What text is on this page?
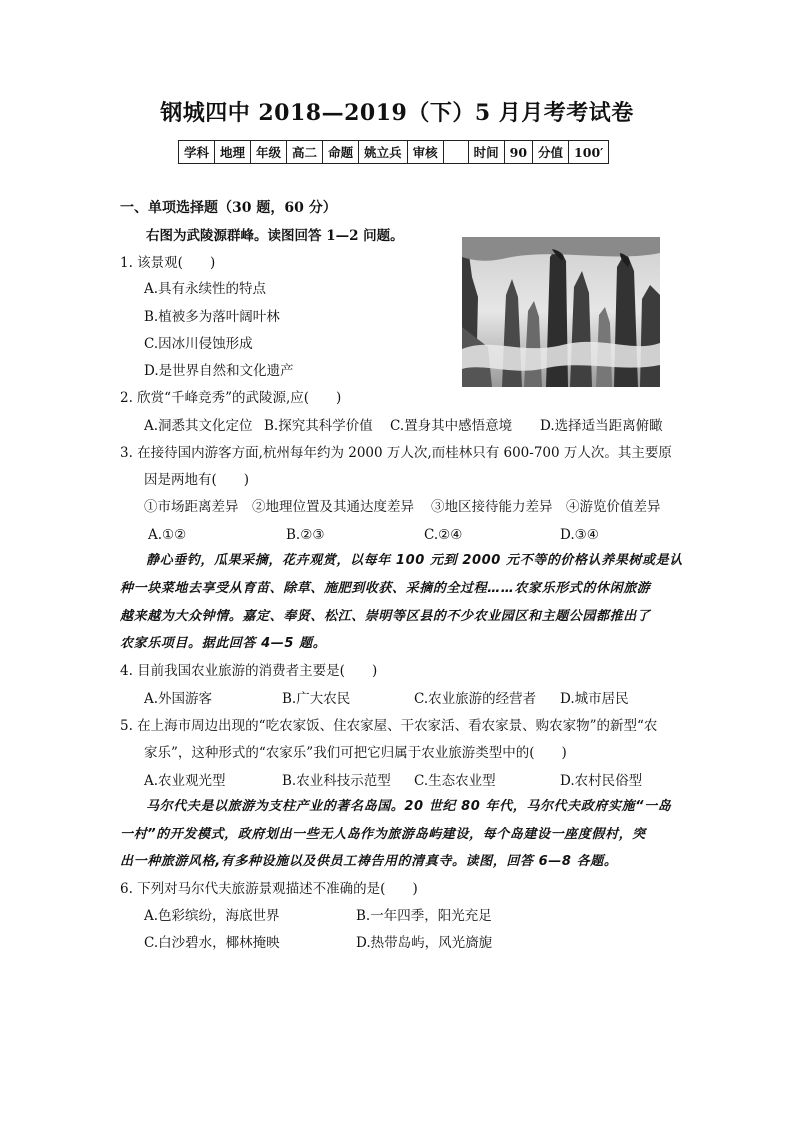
钢城四中 2018—2019（下）5 月月考考试卷
学科	地理	年级	高二	命题	姚立兵	审核		时间	90	分值	100′
一、单项选择题（30 题，60 分）
右图为武陵源群峰。读图回答 1—2 问题。
1. 该景观(　　)
A.具有永续性的特点
B.植被多为落叶阔叶林
C.因冰川侵蚀形成
D.是世界自然和文化遗产
2. 欣赏“千峰竞秀”的武陵源,应(　　)
A.洞悉其文化定位 B.探究其科学价值 C.置身其中感悟意境 D.选择适当距离俯瞰
3. 在接待国内游客方面,杭州每年约为 2000 万人次,而桂林只有 600-700 万人次。其主要原
因是两地有(　　)
①市场距离差异 ②地理位置及其通达度差异 ③地区接待能力差异 ④游览价值差异
A.①②	B.②③	C.②④	D.③④
静心垂钓，瓜果采摘，花卉观赏，以每年 100 元到 2000 元不等的价格认养果树或是认
种一块菜地去享受从育苗、除草、施肥到收获、采摘的全过程……农家乐形式的休闲旅游
越来越为大众钟情。嘉定、奉贤、松江、崇明等区县的不少农业园区和主题公园都推出了
农家乐项目。据此回答 4—5 题。
4. 目前我国农业旅游的消费者主要是(　　)
A.外国游客	B.广大农民	C.农业旅游的经营者 D.城市居民
5. 在上海市周边出现的“吃农家饭、住农家屋、干农家活、看农家景、购农家物”的新型“农
家乐”，这种形式的“农家乐”我们可把它归属于农业旅游类型中的(　　)
A.农业观光型	B.农业科技示范型 C.生态农业型	D.农村民俗型
马尔代夫是以旅游为支柱产业的著名岛国。20 世纪 80 年代，马尔代夫政府实施“一岛
一村”的开发模式，政府划出一些无人岛作为旅游岛屿建设，每个岛建设一座度假村，突
出一种旅游风格,有多种设施以及供员工祷告用的清真寺。读图，回答 6—8 各题。
6. 下列对马尔代夫旅游景观描述不准确的是(　　)
A.色彩缤纷，海底世界	B.一年四季，阳光充足
C.白沙碧水，椰林掩映	D.热带岛屿，风光旖旎
